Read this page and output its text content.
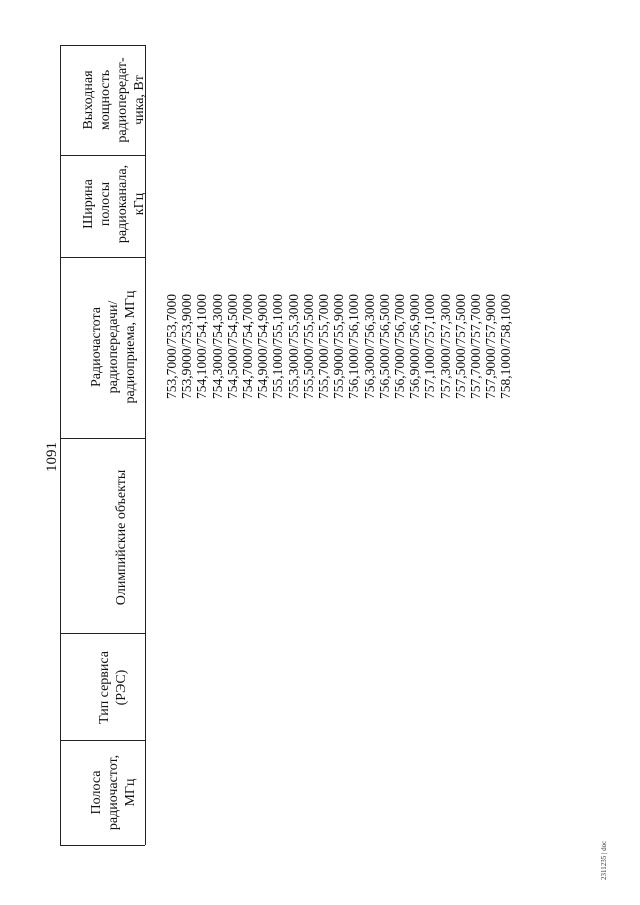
1091
Полоса радиочастот, МГц
Тип сервиса (РЭС)
Олимпийские объекты
Радиочастота радиопередачи/ радиоприема, МГц
Ширина полосы радиоканала, кГц
Выходная мощность радиопередат- чика, Вт
753,7000/753,7000 753,9000/753,9000 754,1000/754,1000 754,3000/754,3000 754,5000/754,5000 754,7000/754,7000 754,9000/754,9000 755,1000/755,1000 755,3000/755,3000 755,5000/755,5000 755,7000/755,7000 755,9000/755,9000 756,1000/756,1000 756,3000/756,3000 756,5000/756,5000 756,7000/756,7000 756,9000/756,9000 757,1000/757,1000 757,3000/757,3000 757,5000/757,5000 757,7000/757,7000 757,9000/757,9000 758,1000/758,1000
2311235 | doc
